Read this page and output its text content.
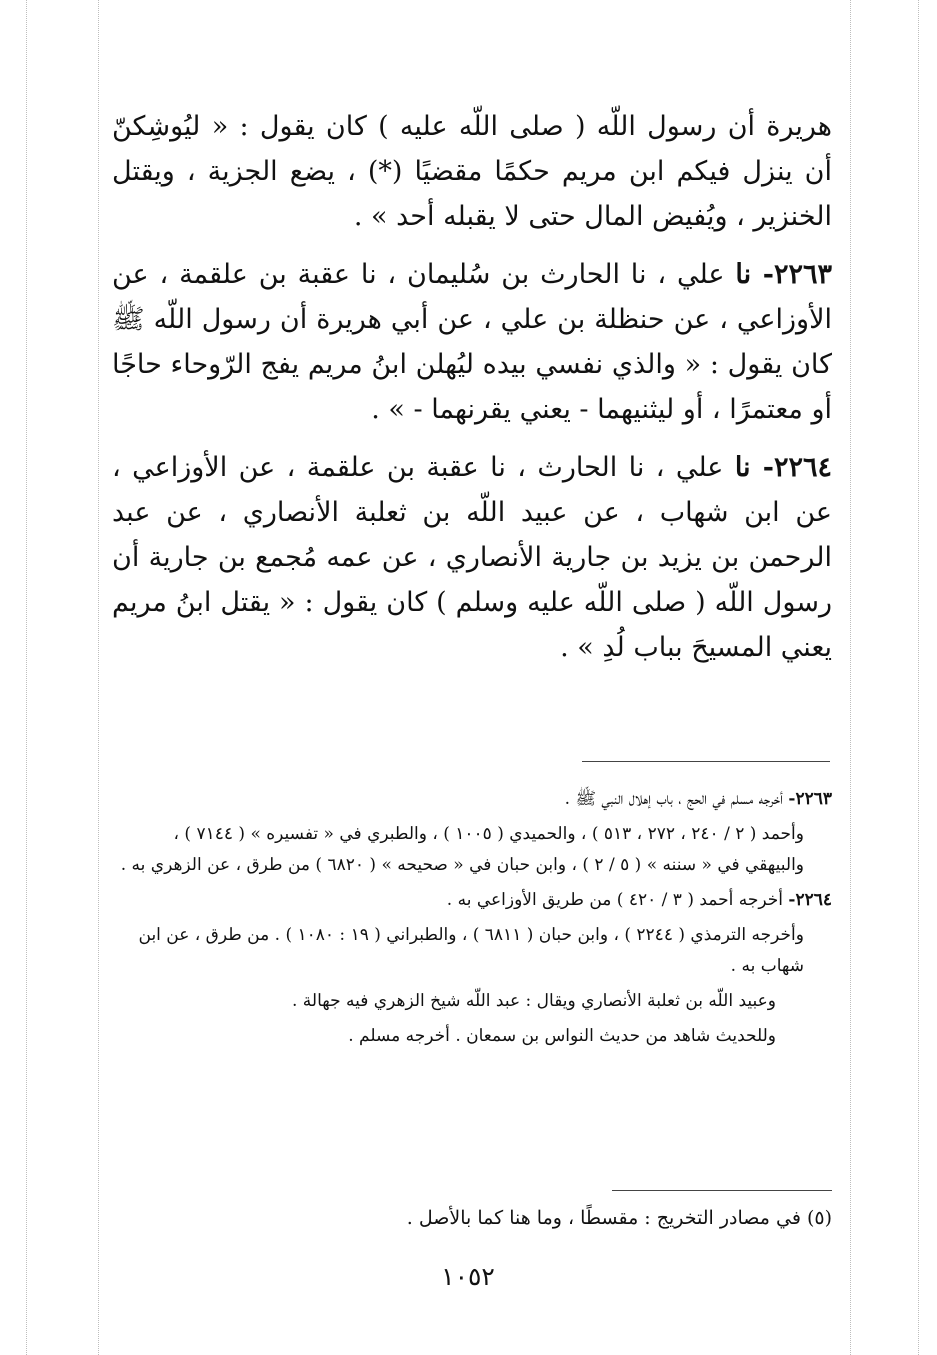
هريرة أن رسول اللّه ( صلى اللّه عليه ) كان يقول : « ليُوشِكنّ أن ينزل فيكم ابن مريم حكمًا مقضيًا (*) ، يضع الجزية ، ويقتل الخنزير ، ويُفيض المال حتى لا يقبله أحد » .

٢٢٦٣- نا علي ، نا الحارث بن سُليمان ، نا عقبة بن علقمة ، عن الأوزاعي ، عن حنظلة بن علي ، عن أبي هريرة أن رسول اللّه ﷺ كان يقول : « والذي نفسي بيده ليُهلن ابنُ مريم يفج الرّوحاء حاجًا أو معتمرًا ، أو ليثنيهما - يعني يقرنهما - » .

٢٢٦٤- نا علي ، نا الحارث ، نا عقبة بن علقمة ، عن الأوزاعي ، عن ابن شهاب ، عن عبيد اللّه بن ثعلبة الأنصاري ، عن عبد الرحمن بن يزيد بن جارية الأنصاري ، عن عمه مُجمع بن جارية أن رسول اللّه ( صلى اللّه عليه وسلم ) كان يقول : « يقتل ابنُ مريم يعني المسيحَ بباب لُدِ » .

٢٢٦٣- أخرجه مسلم في الحج ، باب إهلال النبي ﷺ .
وأحمد ( ٢ / ٢٤٠ ، ٢٧٢ ، ٥١٣ ) ، والحميدي ( ١٠٠٥ ) ، والطبري في « تفسيره » ( ٧١٤٤ ) ، والبيهقي في « سننه » ( ٥ / ٢ ) ، وابن حبان في « صحيحه » ( ٦٨٢٠ ) من طرق ، عن الزهري به .
٢٢٦٤- أخرجه أحمد ( ٣ / ٤٢٠ ) من طريق الأوزاعي به .
وأخرجه الترمذي ( ٢٢٤٤ ) ، وابن حبان ( ٦٨١١ ) ، والطبراني ( ١٩ : ١٠٨٠ ) . من طرق ، عن ابن شهاب به .
وعبيد اللّه بن ثعلبة الأنصاري ويقال : عبد اللّه شيخ الزهري فيه جهالة .
وللحديث شاهد من حديث النواس بن سمعان . أخرجه مسلم .
(٥) في مصادر التخريج : مقسطًا ، وما هنا كما بالأصل .
١٠٥٢
